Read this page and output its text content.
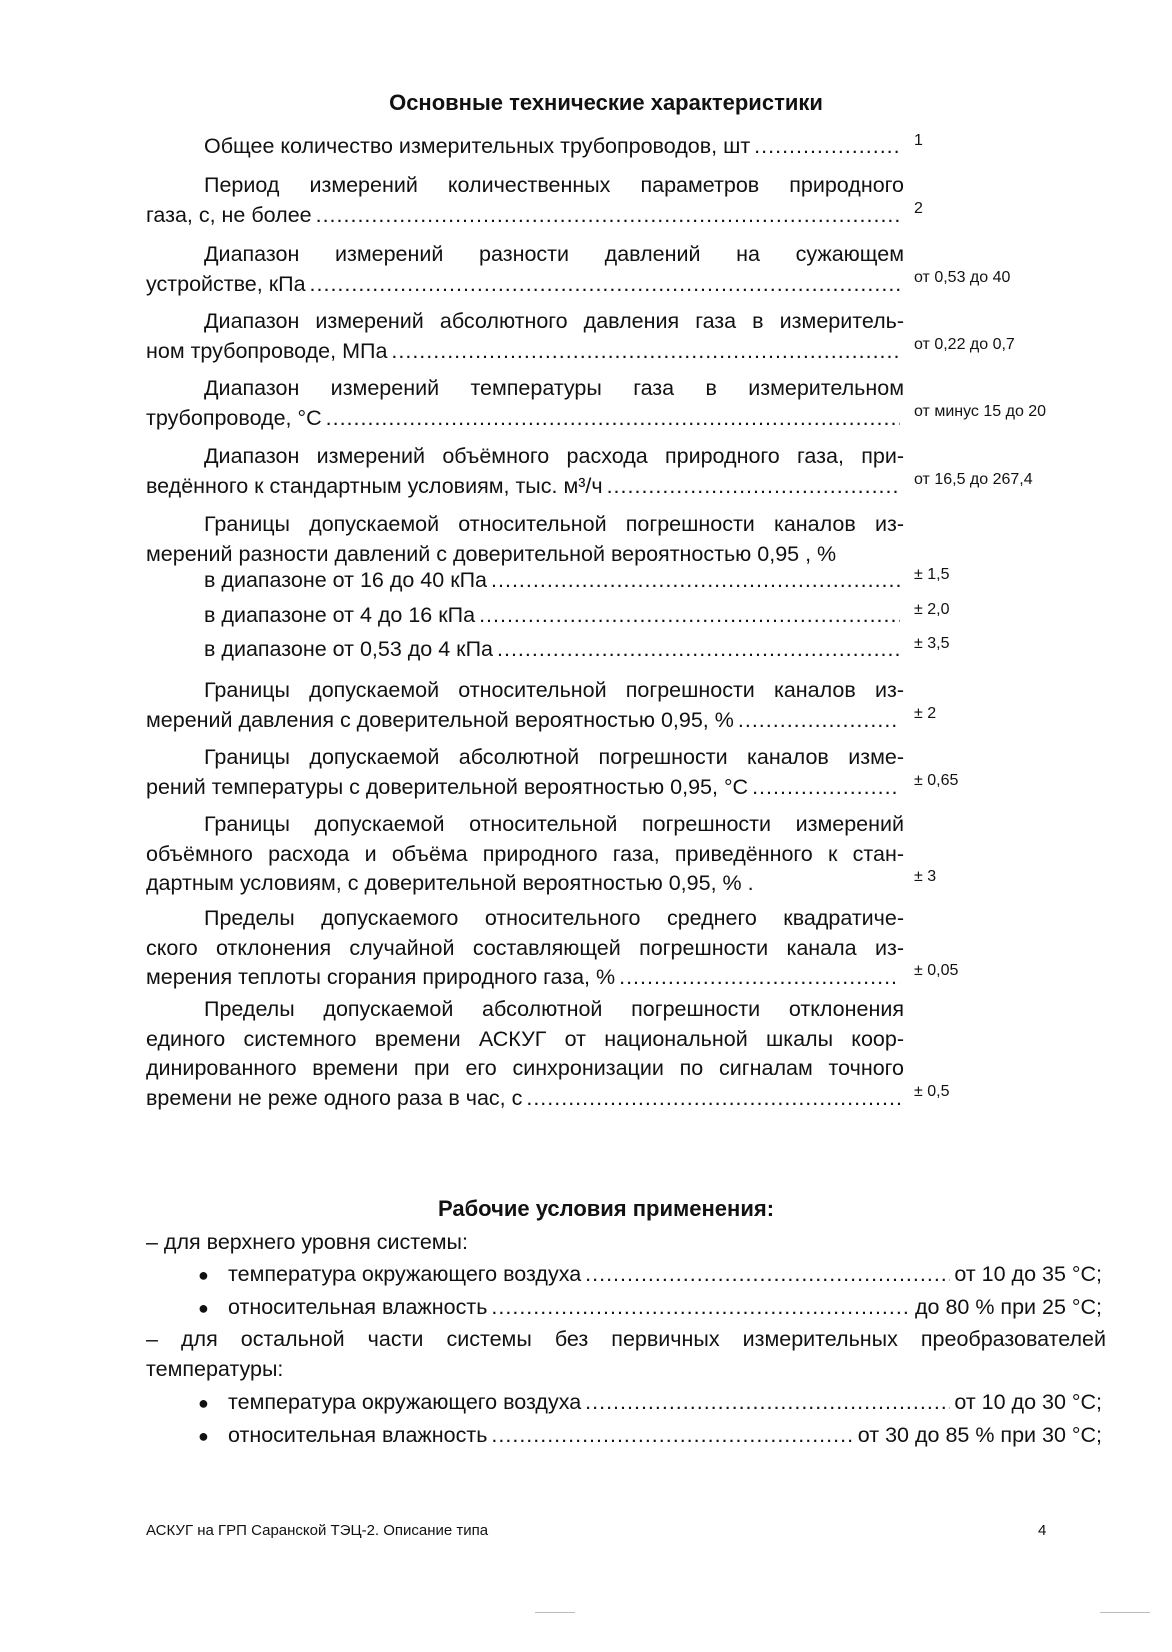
Основные технические характеристики
Общее количество измерительных трубопроводов, шт .....	1
Период измерений количественных параметров природного
газа, с, не более .....	2
Диапазон измерений разности давлений на сужающем
устройстве, кПа .....	от 0,53 до 40
Диапазон измерений абсолютного давления газа в измеритель-
ном трубопроводе, МПа .....	от 0,22 до 0,7
Диапазон измерений температуры газа в измерительном
трубопроводе, °С .....	от минус 15 до 20
Диапазон измерений объёмного расхода природного газа, при-
ведённого к стандартным условиям, тыс. м³/ч .....	от 16,5 до 267,4
Границы допускаемой относительной погрешности каналов из-
мерений разности давлений с доверительной вероятностью 0,95 , %
в диапазоне от 16 до 40 кПа .....	± 1,5
в диапазоне от 4 до 16 кПа .....	± 2,0
в диапазоне от 0,53 до 4 кПа .....	± 3,5
Границы допускаемой относительной погрешности каналов из-
мерений давления с доверительной вероятностью 0,95, % .....	± 2
Границы допускаемой абсолютной погрешности каналов изме-
рений температуры с доверительной вероятностью 0,95, °С .....	± 0,65
Границы допускаемой относительной погрешности измерений
объёмного расхода и объёма природного газа, приведённого к стан-
дартным условиям, с доверительной вероятностью 0,95, % .	± 3
Пределы допускаемого относительного среднего квадратиче-
ского отклонения случайной составляющей погрешности канала из-
мерения теплоты сгорания природного газа, % .....	± 0,05
Пределы допускаемой абсолютной погрешности отклонения
единого системного времени АСКУГ от национальной шкалы коор-
динированного времени при его синхронизации по сигналам точного
времени не реже одного раза в час, с .....	± 0,5
Рабочие условия применения:
– для верхнего уровня системы:
● температура окружающего воздуха .....	от 10 до 35 °С;
● относительная влажность .....	до 80 % при 25 °С;
– для остальной части системы без первичных измерительных преобразователей
температуры:
● температура окружающего воздуха .....	от 10 до 30 °С;
● относительная влажность .....	от 30 до 85 % при 30 °С;
АСКУГ на ГРП Саранской ТЭЦ-2. Описание типа	4
